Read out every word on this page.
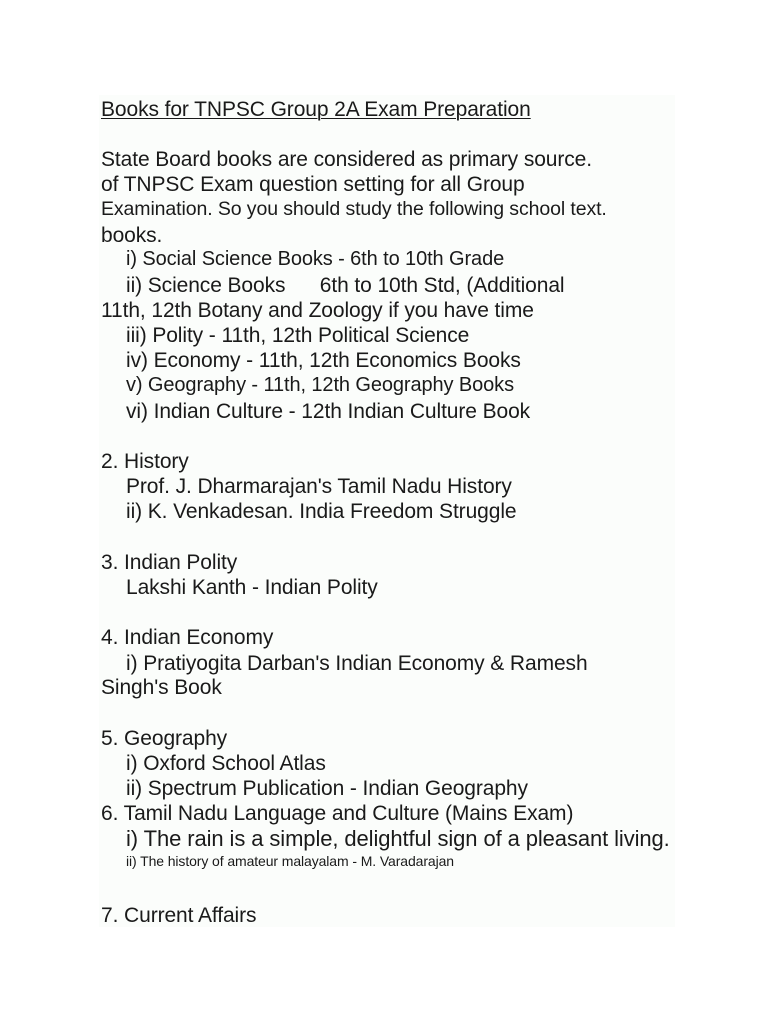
Books for TNPSC Group 2A Exam Preparation
State Board books are considered as primary source.
of TNPSC Exam question setting for all Group
Examination. So you should study the following school text.
books.
i) Social Science Books - 6th to 10th Grade
ii) Science Books      6th to 10th Std, (Additional
11th, 12th Botany and Zoology if you have time
iii) Polity - 11th, 12th Political Science
iv) Economy - 11th, 12th Economics Books
v) Geography - 11th, 12th Geography Books
vi) Indian Culture - 12th Indian Culture Book
2. History
Prof. J. Dharmarajan's Tamil Nadu History
ii) K. Venkadesan. India Freedom Struggle
3. Indian Polity
Lakshi Kanth - Indian Polity
4. Indian Economy
i) Pratiyogita Darban's Indian Economy & Ramesh
Singh's Book
5. Geography
i) Oxford School Atlas
ii) Spectrum Publication - Indian Geography
6. Tamil Nadu Language and Culture (Mains Exam)
i) The rain is a simple, delightful sign of a pleasant living.
ii) The history of amateur malayalam - M. Varadarajan
7. Current Affairs
